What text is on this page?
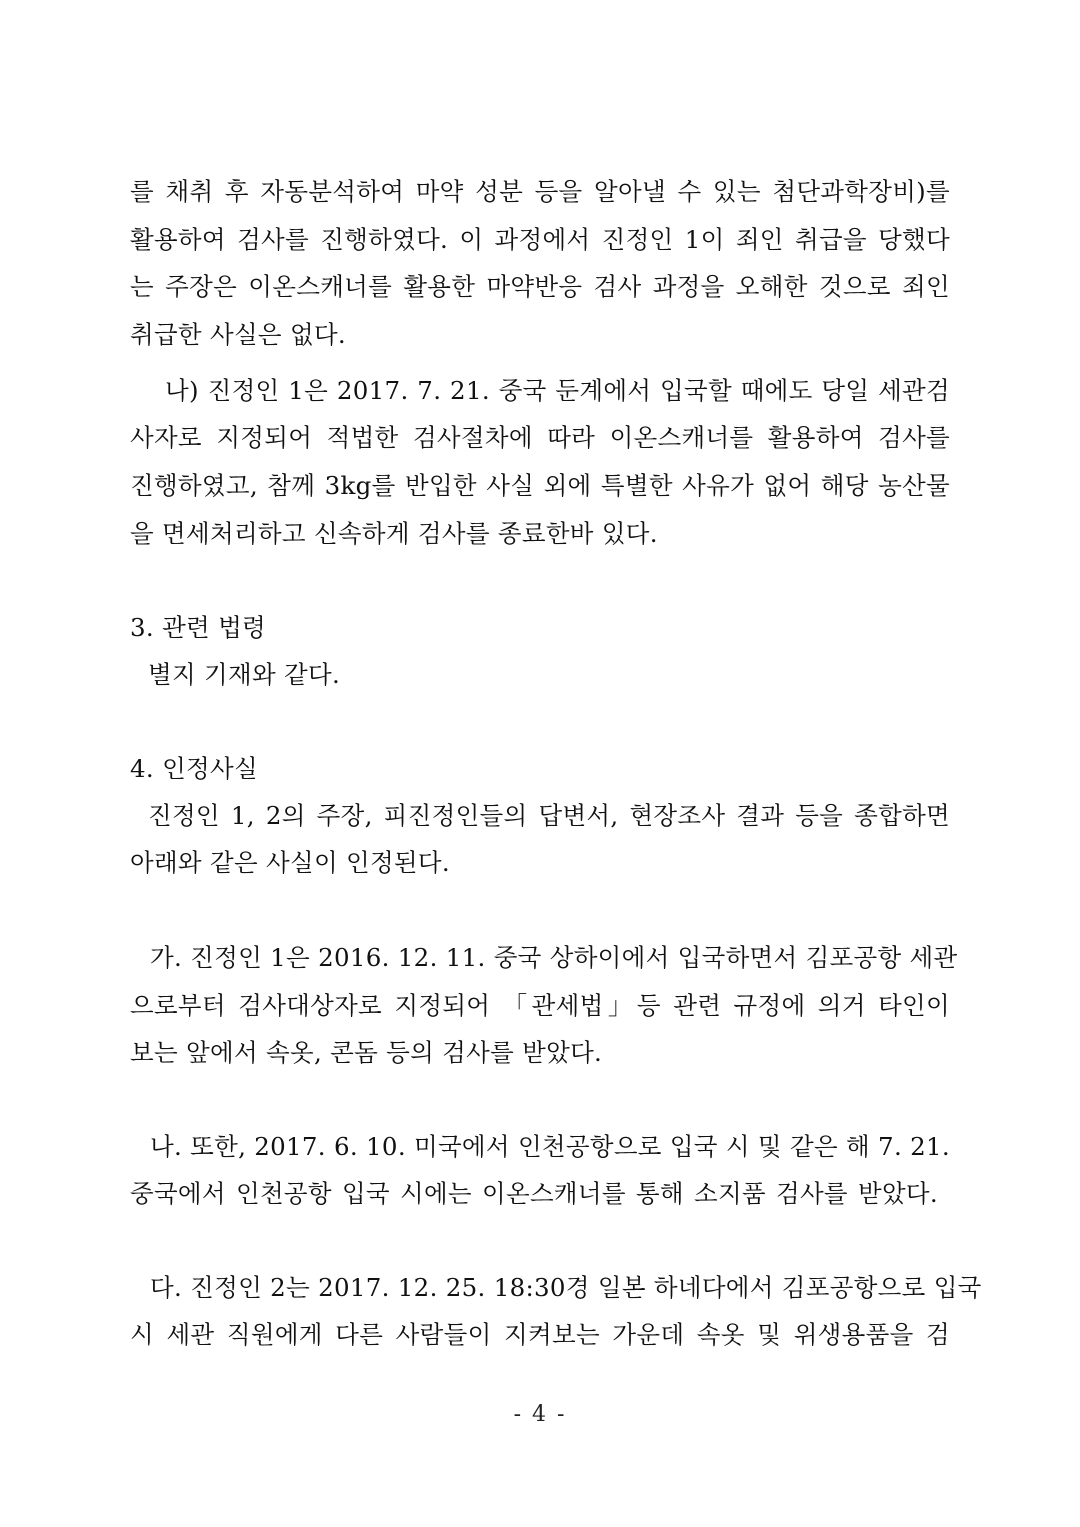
를 채취 후 자동분석하여 마약 성분 등을 알아낼 수 있는 첨단과학장비)를
활용하여 검사를 진행하였다. 이 과정에서 진정인 1이 죄인 취급을 당했다
는 주장은 이온스캐너를 활용한 마약반응 검사 과정을 오해한 것으로 죄인
취급한 사실은 없다.
나) 진정인 1은 2017. 7. 21. 중국 둔계에서 입국할 때에도 당일 세관검
사자로 지정되어 적법한 검사절차에 따라 이온스캐너를 활용하여 검사를
진행하였고, 참께 3kg를 반입한 사실 외에 특별한 사유가 없어 해당 농산물
을 면세처리하고 신속하게 검사를 종료한바 있다.
3. 관련 법령
별지 기재와 같다.
4. 인정사실
진정인 1, 2의 주장, 피진정인들의 답변서, 현장조사 결과 등을 종합하면
아래와 같은 사실이 인정된다.
가. 진정인 1은 2016. 12. 11. 중국 상하이에서 입국하면서 김포공항 세관
으로부터 검사대상자로 지정되어 「관세법」등 관련 규정에 의거 타인이
보는 앞에서 속옷, 콘돔 등의 검사를 받았다.
나. 또한, 2017. 6. 10. 미국에서 인천공항으로 입국 시 및 같은 해 7. 21.
중국에서 인천공항 입국 시에는 이온스캐너를 통해 소지품 검사를 받았다.
다. 진정인 2는 2017. 12. 25. 18:30경 일본 하네다에서 김포공항으로 입국
시 세관 직원에게 다른 사람들이 지켜보는 가운데 속옷 및 위생용품을 검
- 4 -
